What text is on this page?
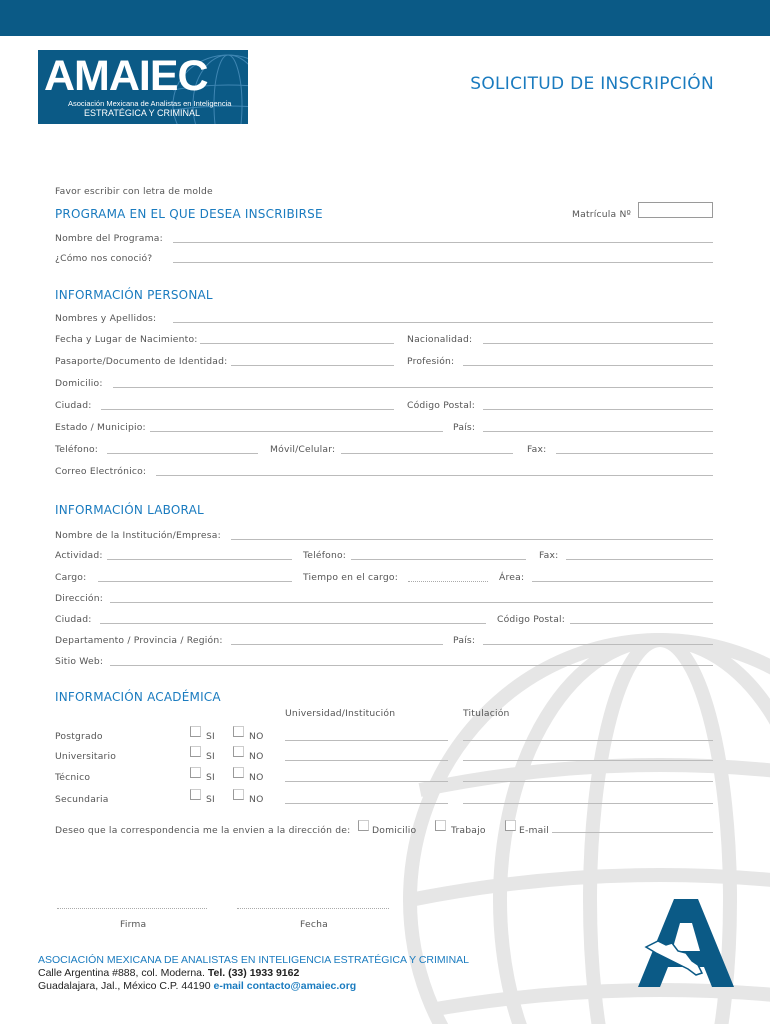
AMAIEC
Asociación Mexicana de Analistas en Inteligencia
ESTRATÉGICA Y CRIMINAL
SOLICITUD DE INSCRIPCIÓN
Favor escribir con letra de molde
PROGRAMA EN EL QUE DESEA INSCRIBIRSE	Matrícula Nº
Nombre del Programa:
¿Cómo nos conoció?
INFORMACIÓN PERSONAL
Nombres y Apellidos:
Fecha y Lugar de Nacimiento:	Nacionalidad:
Pasaporte/Documento de Identidad:	Profesión:
Domicilio:
Ciudad:	Código Postal:
Estado / Municipio:	País:
Teléfono:	Móvil/Celular:	Fax:
Correo Electrónico:
INFORMACIÓN LABORAL
Nombre de la Institución/Empresa:
Actividad:	Teléfono:	Fax:
Cargo:	Tiempo en el cargo:	Área:
Dirección:
Ciudad:	Código Postal:
Departamento / Provincia / Región:	País:
Sitio Web:
INFORMACIÓN ACADÉMICA
Universidad/Institución	Titulación
Postgrado	SI	NO
Universitario	SI	NO
Técnico	SI	NO
Secundaria	SI	NO
Deseo que la correspondencia me la envien a la dirección de: Domicilio	Trabajo	E-mail
Firma	Fecha
ASOCIACIÓN MEXICANA DE ANALISTAS EN INTELIGENCIA ESTRATÉGICA Y CRIMINAL
Calle Argentina #888, col. Moderna. Tel. (33) 1933 9162
Guadalajara, Jal., México C.P. 44190 e-mail contacto@amaiec.org
